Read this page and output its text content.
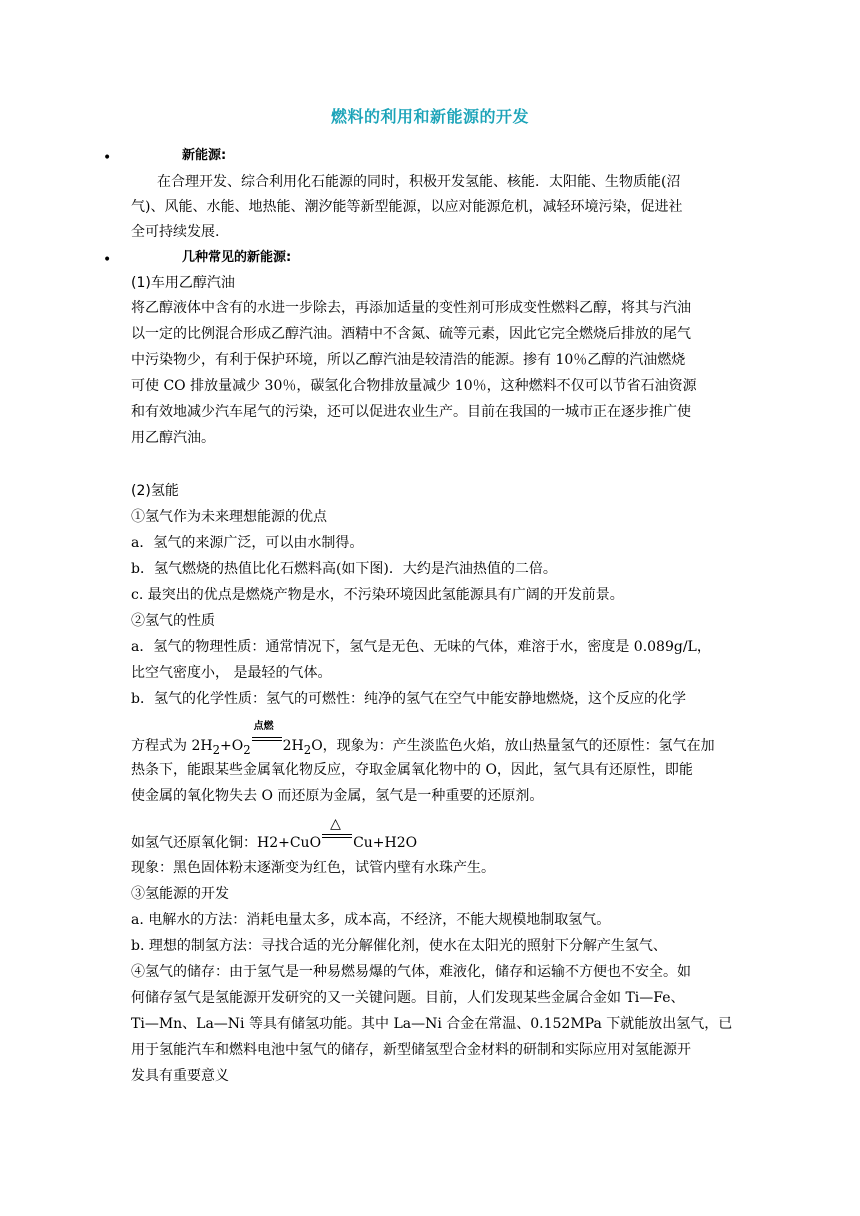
燃料的利用和新能源的开发
•	新能源:
在合理开发、综合利用化石能源的同时，积极开发氢能、核能．太阳能、生物质能(沼
气)、风能、水能、地热能、潮汐能等新型能源，以应对能源危机，减轻环境污染，促进社
全可持续发展.
•	几种常见的新能源:
(1)车用乙醇汽油
将乙醇液体中含有的水进一步除去，再添加适量的变性剂可形成变性燃料乙醇，将其与汽油
以一定的比例混合形成乙醇汽油。酒精中不含氮、硫等元素，因此它完全燃烧后排放的尾气
中污染物少，有利于保护环境，所以乙醇汽油是较清浩的能源。掺有 10％乙醇的汽油燃烧
可使 CO 排放量减少 30％，碳氢化合物排放量减少 10％，这种燃料不仅可以节省石油资源
和有效地减少汽车尾气的污染，还可以促进农业生产。目前在我国的一城市正在逐步推广使
用乙醇汽油。
(2)氢能
①氢气作为未来理想能源的优点
a．氢气的来源广泛，可以由水制得。
b．氢气燃烧的热值比化石燃料高(如下图)．大约是汽油热值的二倍。
c. 最突出的优点是燃烧产物是水，不污染环境因此氢能源具有广阔的开发前景。
②氢气的性质
a．氢气的物理性质：通常情况下，氢气是无色、无味的气体，难溶于水，密度是 0.089g/L，
比空气密度小， 是最轻的气体。
b．氢气的化学性质：氢气的可燃性：纯净的氢气在空气中能安静地燃烧，这个反应的化学
方程式为 $2H_2+O_2$
点燃
$2H_2O$，现象为：产生淡监色火焰，放山热量氢气的还原性：氢气在加
热条下，能跟某些金属氧化物反应，夺取金属氧化物中的 O，因此，氢气具有还原性，即能
使金属的氧化物失去 O 而还原为金属，氢气是一种重要的还原剂。
如氢气还原氧化铜：H2+CuO
△
Cu+H2O
现象：黑色固体粉末逐渐变为红色，试管内壁有水珠产生。
③氢能源的开发
a. 电解水的方法：消耗电量太多，成本高，不经济，不能大规模地制取氢气。
b. 理想的制氢方法：寻找合适的光分解催化剂，使水在太阳光的照射下分解产生氢气、
④氢气的储存：由于氢气是一种易燃易爆的气体，难液化，储存和运输不方便也不安全。如
何储存氢气是氢能源开发研究的又一关键问题。目前，人们发现某些金属合金如 Ti—Fe、
Ti—Mn、La—Ni 等具有储氢功能。其中 La—Ni 合金在常温、0.152MPa 下就能放出氢气，已
用于氢能汽车和燃料电池中氢气的储存，新型储氢型合金材料的研制和实际应用对氢能源开
发具有重要意义
